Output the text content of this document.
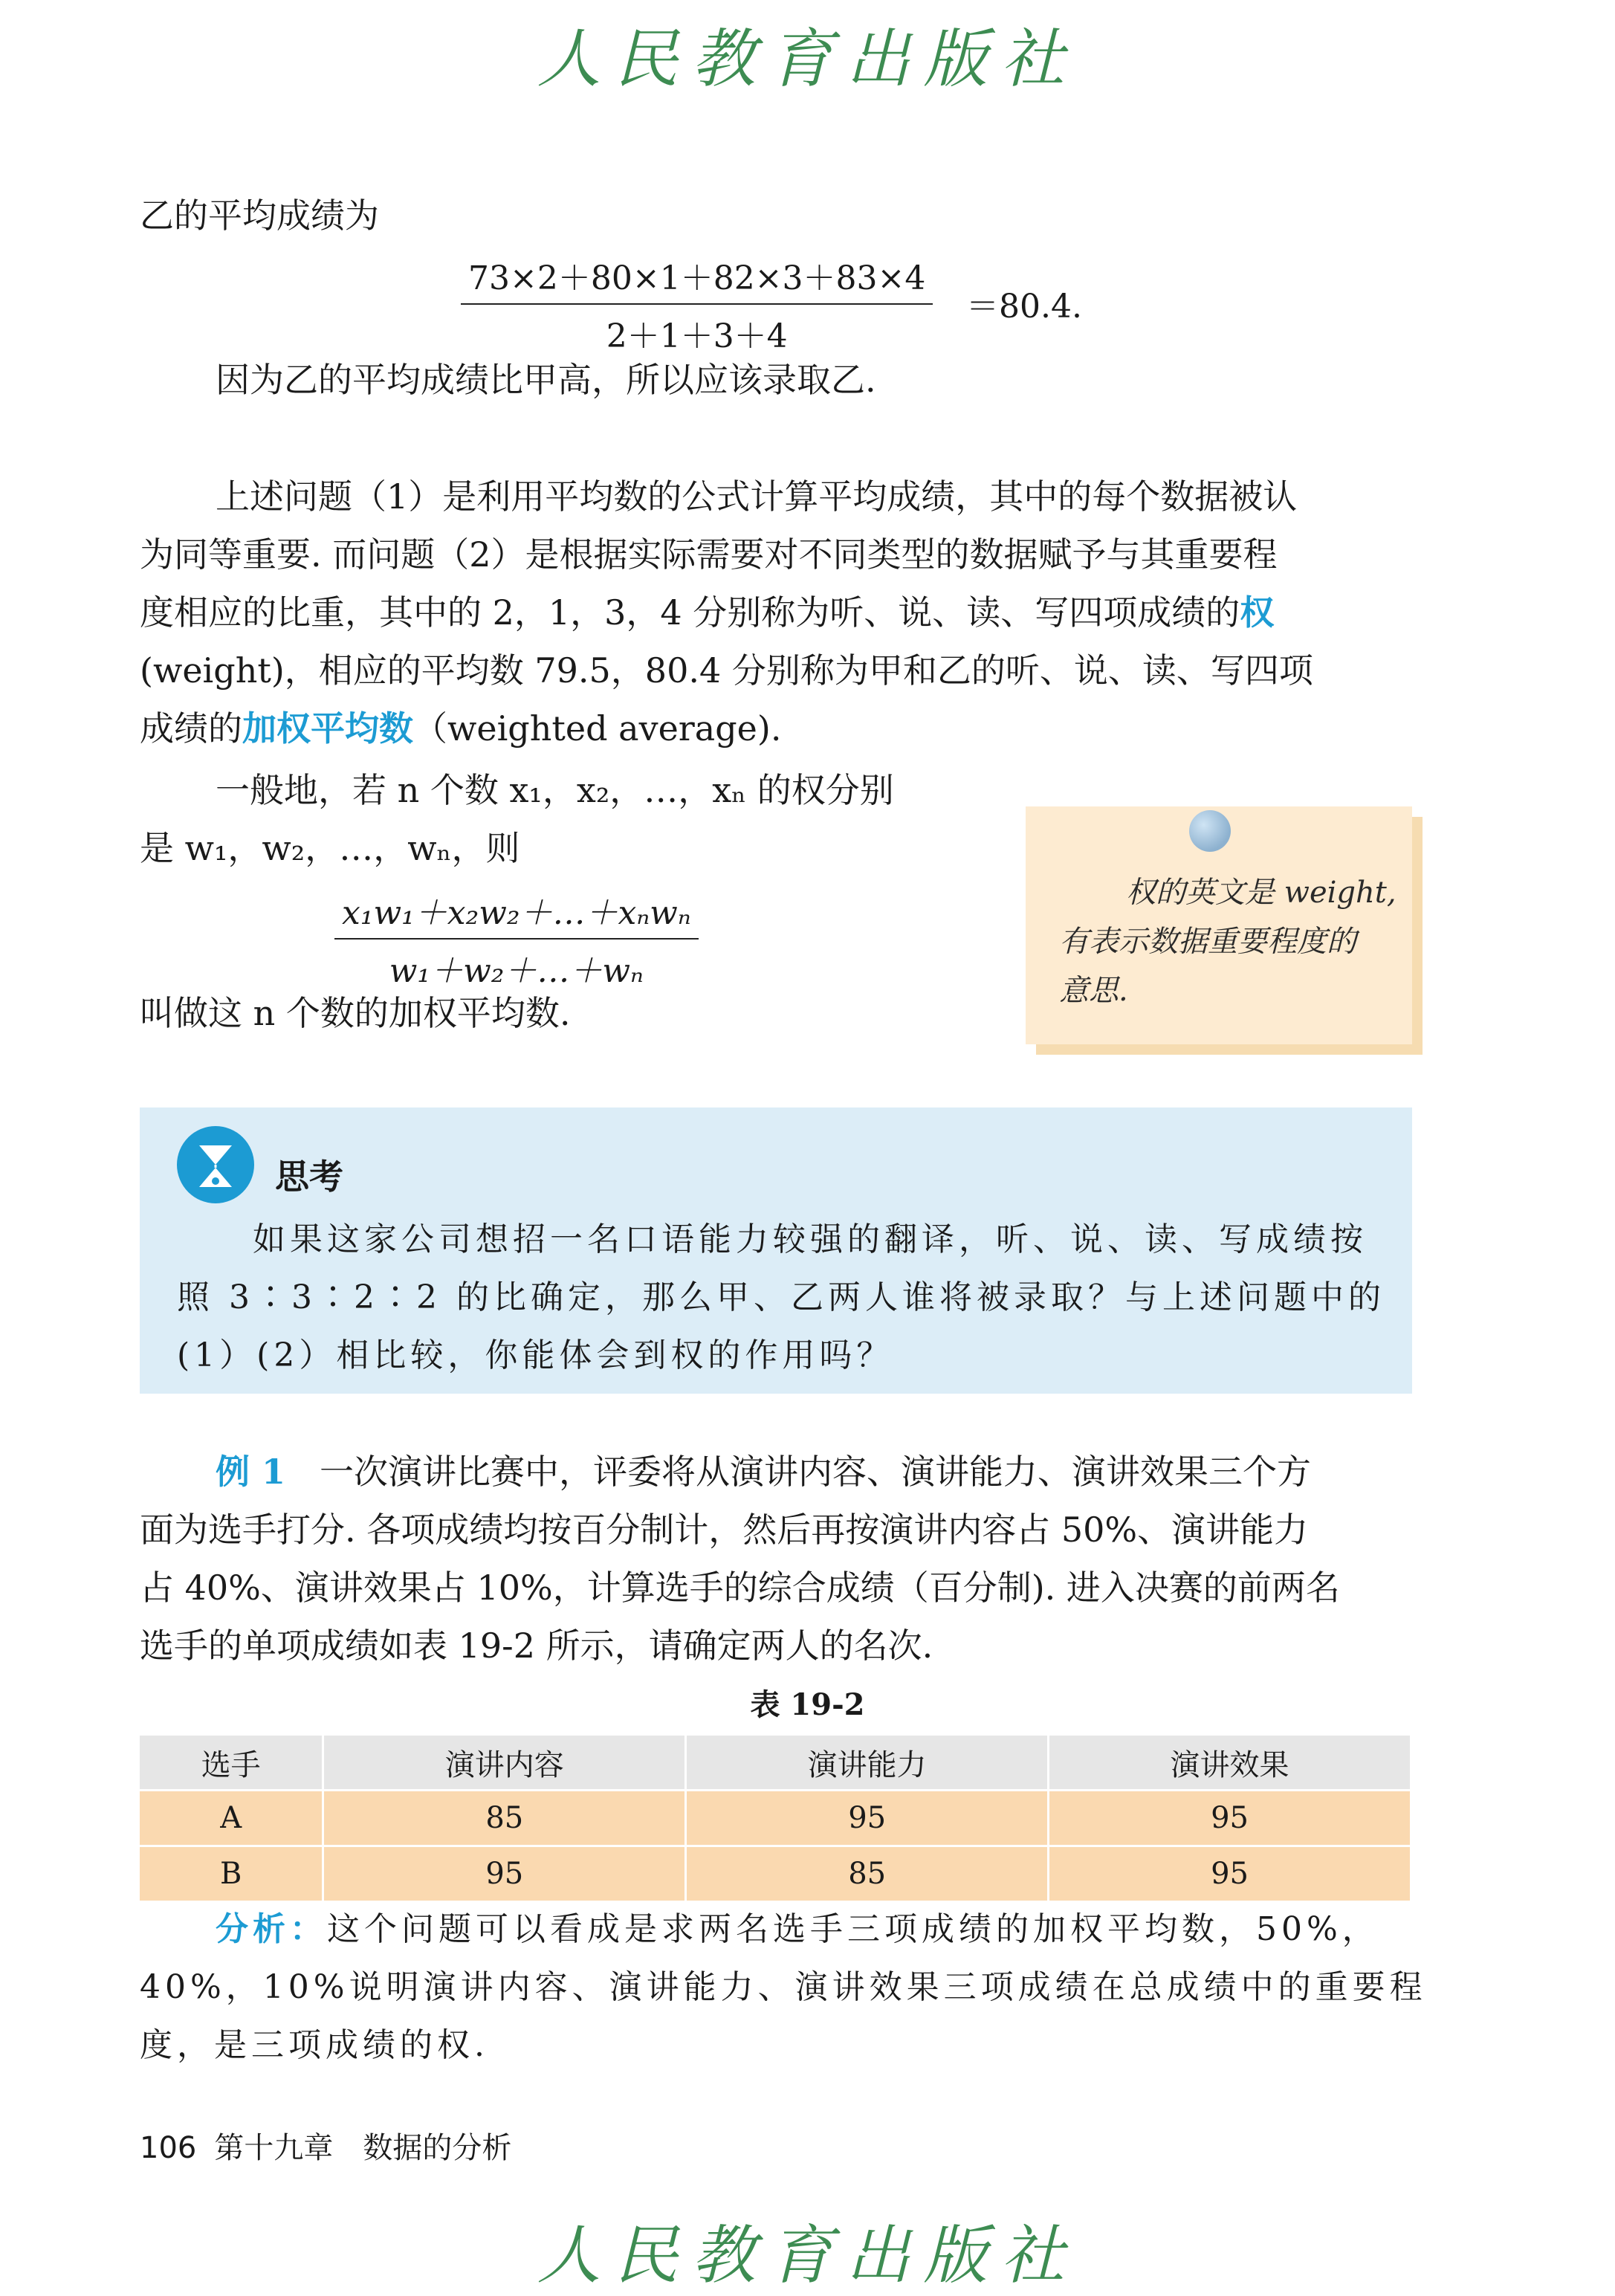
人民教育出版社
乙的平均成绩为
73×2＋80×1＋82×3＋83×4
2＋1＋3＋4
＝80.4.
因为乙的平均成绩比甲高，所以应该录取乙.
上述问题（1）是利用平均数的公式计算平均成绩，其中的每个数据被认
为同等重要. 而问题（2）是根据实际需要对不同类型的数据赋予与其重要程
度相应的比重，其中的 2，1，3，4 分别称为听、说、读、写四项成绩的权
(weight)，相应的平均数 79.5，80.4 分别称为甲和乙的听、说、读、写四项
成绩的加权平均数（weighted average).
一般地，若 n 个数 x₁，x₂，…，xₙ 的权分别
是 w₁，w₂，…，wₙ，则
x₁w₁＋x₂w₂＋…＋xₙwₙ
w₁＋w₂＋…＋wₙ
叫做这 n 个数的加权平均数.
权的英文是 weight,
有表示数据重要程度的
意思.
思考
如果这家公司想招一名口语能力较强的翻译，听、说、读、写成绩按
照 3∶3∶2∶2 的比确定，那么甲、乙两人谁将被录取？与上述问题中的
(1）(2）相比较，你能体会到权的作用吗？
例 1　 一次演讲比赛中，评委将从演讲内容、演讲能力、演讲效果三个方
面为选手打分. 各项成绩均按百分制计，然后再按演讲内容占 50%、演讲能力
占 40%、演讲效果占 10%，计算选手的综合成绩（百分制). 进入决赛的前两名
选手的单项成绩如表 19-2 所示，请确定两人的名次.
表 19-2
选手	演讲内容	演讲能力	演讲效果
A	85	95	95
B	95	85	95
分析：这个问题可以看成是求两名选手三项成绩的加权平均数，50%，
40%，10%说明演讲内容、演讲能力、演讲效果三项成绩在总成绩中的重要程
度，是三项成绩的权.
106 第十九章　数据的分析
人民教育出版社
